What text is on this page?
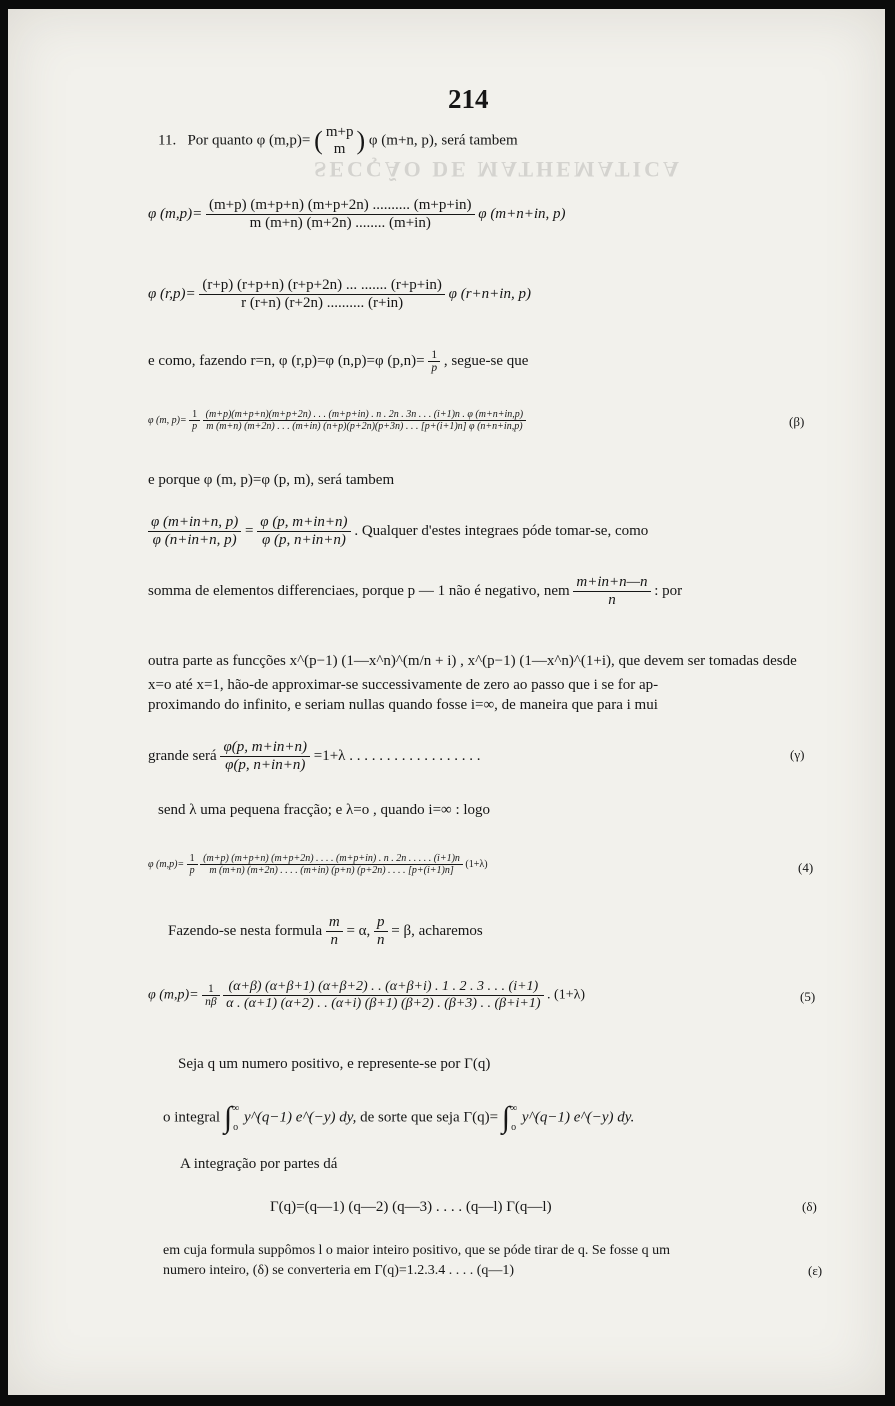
SECÇÃO DE MATHEMATICA
214
11. Por quanto φ (m,p)= ( m+p
m ) φ (m+n, p), será tambem
φ $(m,p)= \frac{(m+p) (m+p+n) (m+p+2n) .......... (m+p+in)}{m (m+n) (m+2n) ........ (m+in)}$ φ (m+n+in, p)
φ $(r,p)= \frac{(r+p) (r+p+n) (r+p+2n) ... ....... (r+p+in)}{r (r+n) (r+2n) .......... (r+in)}$ φ (r+n+in, p)
e como, fazendo r=n, φ (r,p)=φ (n,p)=φ $(p,n)= \frac{1}{p}$ , segue-se que
φ (m, $p)= \frac{1}{p}$
(m+p)(m+p+n)(m+p+2n) . . . (m+p+in) . n . 2n . 3n . . . (i+1)n . φ (m+n+in,p)
m (m+n) (m+2n) . . . (m+in) (n+p)(p+2n)(p+3n) . . . [p+(i+1)n] φ (n+n+in,p)	(β)
e porque φ (m, p)=φ (p, m), será tambem
$\frac{\varphi (m+in+n, p)}{\varphi (n+in+n, p)} = \frac{\varphi (p, m+in+n)}{\varphi (p, n+in+n)}$ . Qualquer d'estes integraes póde tomar-se, como
somma de elementos differenciaes, porque p — 1 não é negativo, nem $\frac{m+in+n—n}{n}$ : por
outra parte as funcções x^(p−1) (1—x^n)^(m/n + i) , x^(p−1) (1—x^n)^(1+i), que devem ser tomadas desde
x=o até x=1, hão-de approximar-se successivamente de zero ao passo que i se for ap-
proximando do infinito, e seriam nullas quando fosse i=∞, de maneira que para i mui
grande será $\frac{\varphi(p, m+in+n)}{\varphi(p, n+in+n)} =1+\lambda$ . . . . . . . . . . . . . . . . . .	(γ)
send λ uma pequena fracção; e λ=o , quando i=∞ : logo
φ $(m,p)= \frac{1}{p}$
(m+p) (m+p+n) (m+p+2n) . . . . (m+p+in) . n . 2n . . . . . (i+1)n
m (m+n) (m+2n) . . . . (m+in) (p+n) (p+2n) . . . . [p+(i+1)n]
(1+λ)	(4)
Fazendo-se nesta formula $\frac{m}{n} = \alpha$, $\frac{p}{n} = \beta$, acharemos
φ $(m,p)= \frac{1}{n\beta}$
$\frac{(\alpha+\beta) (\alpha+\beta+1) (\alpha+\beta+2) . . (\alpha+\beta+i) . 1 . 2 . 3 . . . (i+1)}{\alpha . (\alpha+1) (\alpha+2) . . (\alpha+i) (\beta+1) (\beta+2) . (\beta+3) . . (\beta+i+1)}$ . (1+λ)	(5)
Seja q um numero positivo, e represente-se por Γ(q)
o integral ∫ ∞
o
y^(q−1) e^(−y) dy, de sorte que seja Γ(q)= ∫ ∞
o
y^(q−1) e^(−y) dy.
A integração por partes dá
Γ(q)=(q—1) (q—2) (q—3) . . . . (q—l) Γ(q—l)	(δ)
em cuja formula suppômos l o maior inteiro positivo, que se póde tirar de q. Se fosse q um
numero inteiro, (δ) se converteria em Γ(q)=1.2.3.4 . . . . (q—1)	(ε)
